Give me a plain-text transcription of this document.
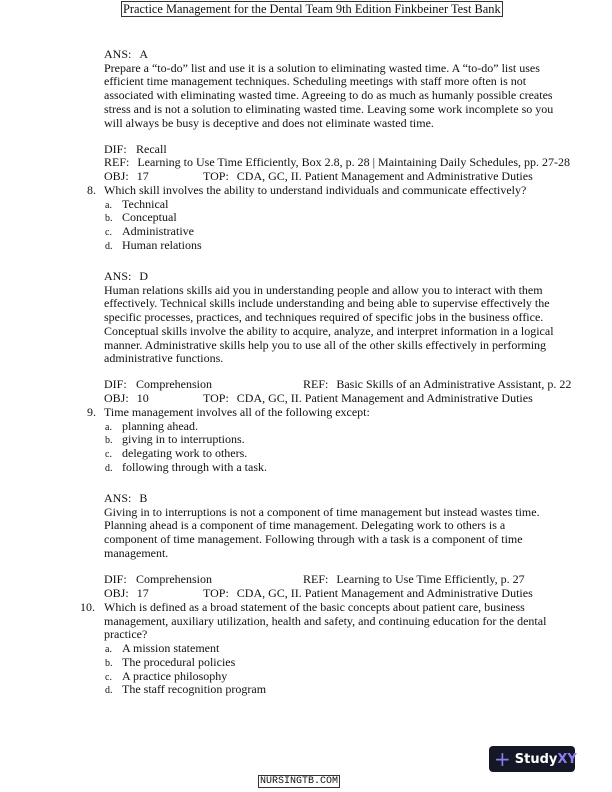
Practice Management for the Dental Team 9th Edition Finkbeiner Test Bank
ANS: A
Prepare a “to-do” list and use it is a solution to eliminating wasted time. A “to-do” list uses
efficient time management techniques. Scheduling meetings with staff more often is not
associated with eliminating wasted time. Agreeing to do as much as humanly possible creates
stress and is not a solution to eliminating wasted time. Leaving some work incomplete so you
will always be busy is deceptive and does not eliminate wasted time.
DIF: Recall
REF: Learning to Use Time Efficiently, Box 2.8, p. 28 | Maintaining Daily Schedules, pp. 27-28
OBJ: 17	TOP: CDA, GC, II. Patient Management and Administrative Duties
8. Which skill involves the ability to understand individuals and communicate effectively?
a. Technical
b. Conceptual
c. Administrative
d. Human relations
ANS: D
Human relations skills aid you in understanding people and allow you to interact with them
effectively. Technical skills include understanding and being able to supervise effectively the
specific processes, practices, and techniques required of specific jobs in the business office.
Conceptual skills involve the ability to acquire, analyze, and interpret information in a logical
manner. Administrative skills help you to use all of the other skills effectively in performing
administrative functions.
DIF: Comprehension	REF: Basic Skills of an Administrative Assistant, p. 22
OBJ: 10	TOP: CDA, GC, II. Patient Management and Administrative Duties
9. Time management involves all of the following except:
a. planning ahead.
b. giving in to interruptions.
c. delegating work to others.
d. following through with a task.
ANS: B
Giving in to interruptions is not a component of time management but instead wastes time.
Planning ahead is a component of time management. Delegating work to others is a
component of time management. Following through with a task is a component of time
management.
DIF: Comprehension	REF: Learning to Use Time Efficiently, p. 27
OBJ: 17	TOP: CDA, GC, II. Patient Management and Administrative Duties
10. Which is defined as a broad statement of the basic concepts about patient care, business
management, auxiliary utilization, health and safety, and continuing education for the dental
practice?
a. A mission statement
b. The procedural policies
c. A practice philosophy
d. The staff recognition program
+ Study XY
NURSINGTB.COM
